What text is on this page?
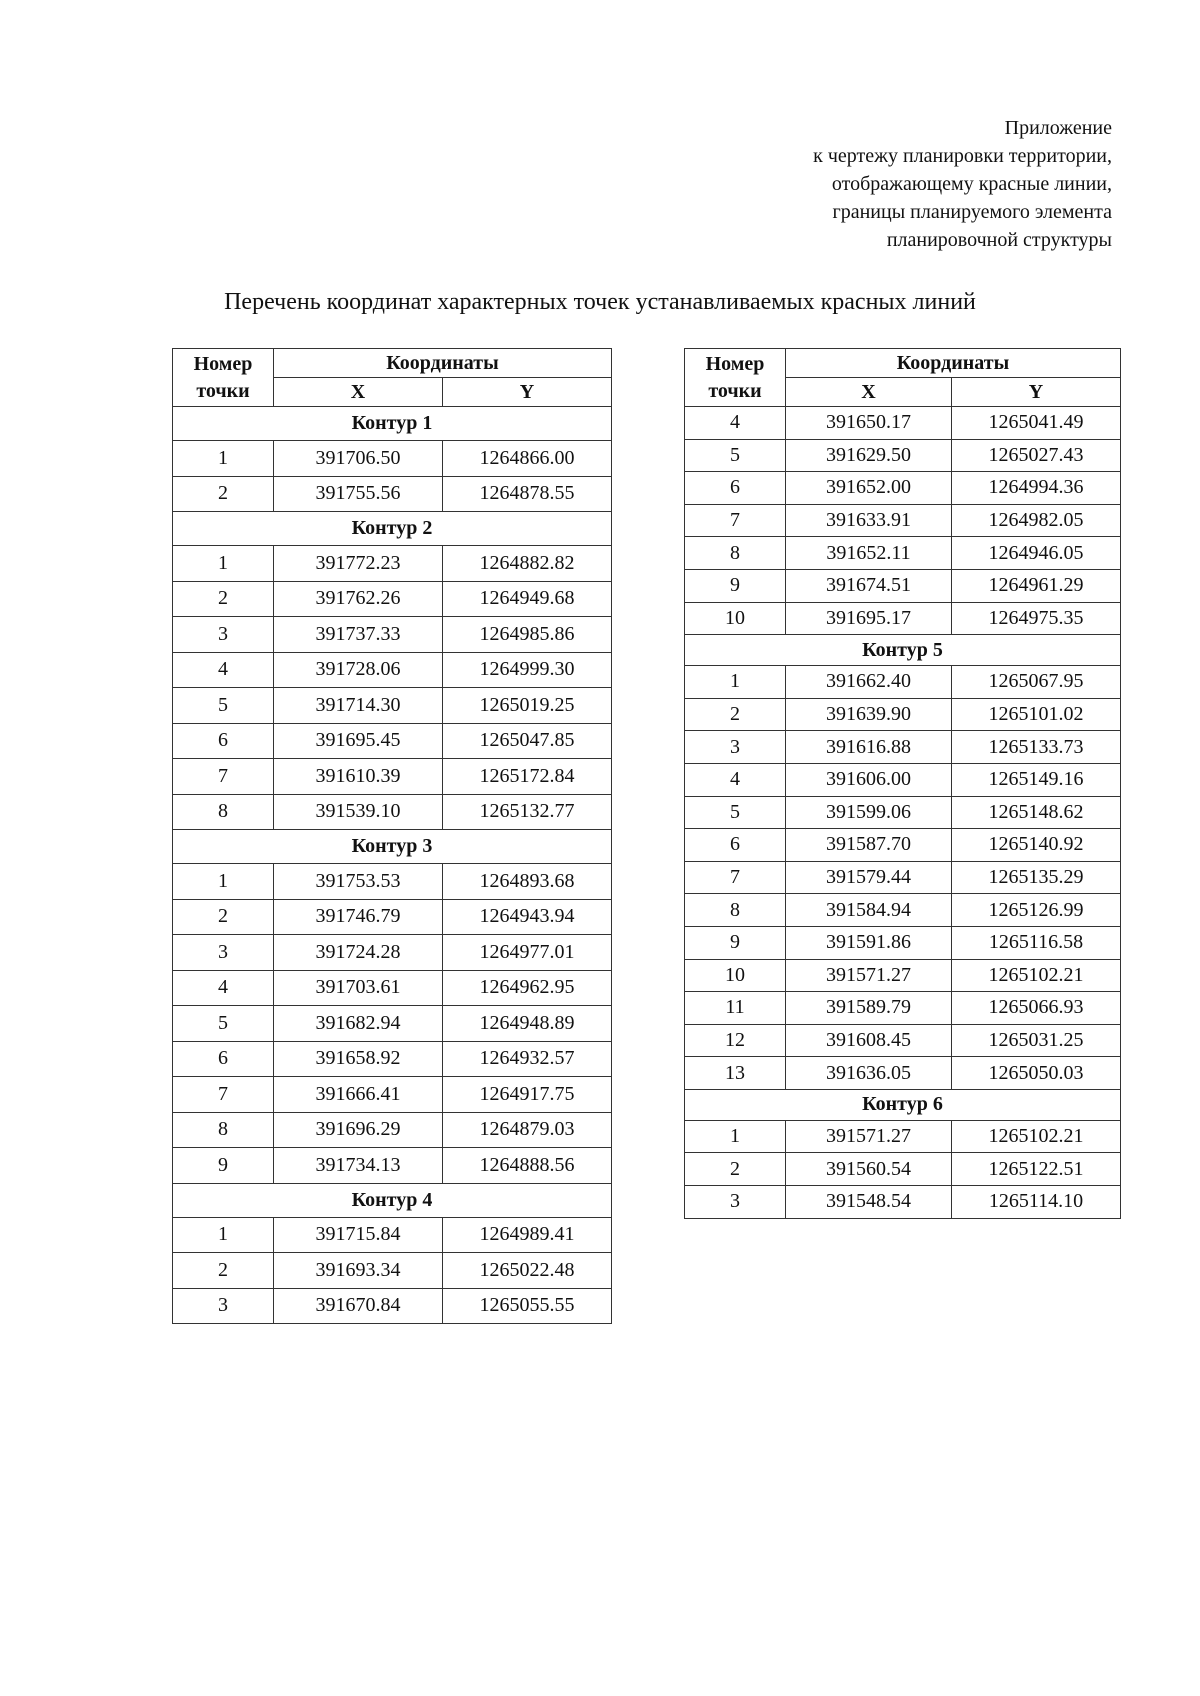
Приложение
к чертежу планировки территории,
отображающему красные линии,
границы планируемого элемента
планировочной структуры
Перечень координат характерных точек устанавливаемых красных линий
Номер
точки	Координаты	
	X	Y
Контур 1		
1	391706.50	1264866.00
2	391755.56	1264878.55
Контур 2		
1	391772.23	1264882.82
2	391762.26	1264949.68
3	391737.33	1264985.86
4	391728.06	1264999.30
5	391714.30	1265019.25
6	391695.45	1265047.85
7	391610.39	1265172.84
8	391539.10	1265132.77
Контур 3		
1	391753.53	1264893.68
2	391746.79	1264943.94
3	391724.28	1264977.01
4	391703.61	1264962.95
5	391682.94	1264948.89
6	391658.92	1264932.57
7	391666.41	1264917.75
8	391696.29	1264879.03
9	391734.13	1264888.56
Контур 4		
1	391715.84	1264989.41
2	391693.34	1265022.48
3	391670.84	1265055.55
Номер
точки	Координаты	
	X	Y
4	391650.17	1265041.49
5	391629.50	1265027.43
6	391652.00	1264994.36
7	391633.91	1264982.05
8	391652.11	1264946.05
9	391674.51	1264961.29
10	391695.17	1264975.35
Контур 5		
1	391662.40	1265067.95
2	391639.90	1265101.02
3	391616.88	1265133.73
4	391606.00	1265149.16
5	391599.06	1265148.62
6	391587.70	1265140.92
7	391579.44	1265135.29
8	391584.94	1265126.99
9	391591.86	1265116.58
10	391571.27	1265102.21
11	391589.79	1265066.93
12	391608.45	1265031.25
13	391636.05	1265050.03
Контур 6		
1	391571.27	1265102.21
2	391560.54	1265122.51
3	391548.54	1265114.10
